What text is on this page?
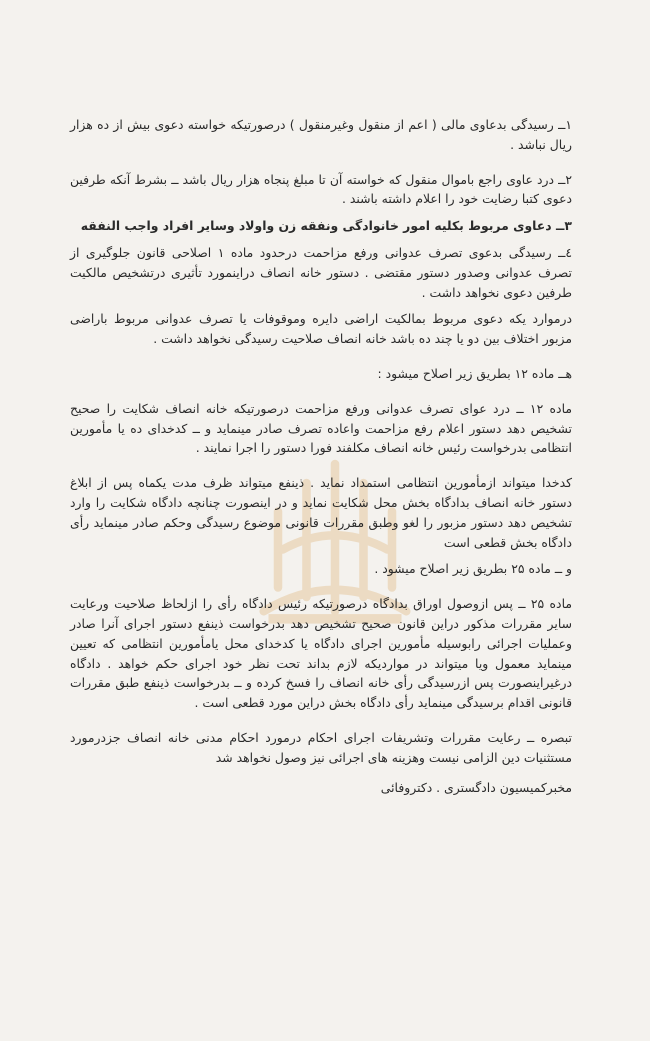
۱ــ رسیدگی بدعاوی مالی ( اعم از منقول وغیرمنقول ) درصورتیکه خواسته دعوی بیش از ده هزار ریال نباشد .

۲ــ درد عاوی راجع باموال منقول که خواسته آن تا مبلغ پنجاه هزار ریال باشد ــ بشرط آنکه طرفین دعوی کتبا رضایت خود را اعلام داشته باشند .

۳ــ دعاوی مربوط بکلیه امور خانوادگی ونفقه زن واولاد وسایر افراد واجب النفقه

٤ــ رسیدگی بدعوی تصرف عدوانی ورفع مزاحمت درحدود ماده ۱ اصلاحی قانون جلوگیری از تصرف عدوانی وصدور دستور مقتضی . دستور خانه انصاف دراینمورد تأثیری درتشخیص مالکیت طرفین دعوی نخواهد داشت .

درموارد یکه دعوی مربوط بمالکیت اراضی دایره وموقوفات یا تصرف عدوانی مربوط باراضی مزبور اختلاف بین دو یا چند ده باشد خانه انصاف صلاحیت رسیدگی نخواهد داشت .

هــ ماده ۱۲ بطریق زیر اصلاح میشود :

ماده ۱۲ ــ درد عوای تصرف عدوانی ورفع مزاحمت درصورتیکه خانه انصاف شکایت را صحیح تشخیص دهد دستور اعلام رفع مزاحمت واعاده تصرف صادر مینماید و ــ کدخدای ده یا مأمورین انتظامی بدرخواست رئیس خانه انصاف مکلفند فورا دستور را اجرا نمایند .

کدخدا میتواند ازمأمورین انتظامی استمداد نماید . ذینفع میتواند ظرف مدت یکماه پس از ابلاغ دستور خانه انصاف بدادگاه بخش محل شکایت نماید و در اینصورت چنانچه دادگاه شکایت را وارد تشخیص دهد دستور مزبور را لغو وطبق مقررات قانونی موضوع رسیدگی وحکم صادر مینماید رأی دادگاه بخش قطعی است

و ــ ماده ۲۵ بطریق زیر اصلاح میشود .

ماده ۲۵ ــ پس ازوصول اوراق بدادگاه درصورتیکه رئیس دادگاه رأی را ازلحاظ صلاحیت ورعایت سایر مقررات مذکور دراین قانون صحیح تشخیص دهد بدرخواست ذینفع دستور اجرای آنرا صادر وعملیات اجرائی رابوسیله مأمورین اجرای دادگاه یا کدخدای محل یامأمورین انتظامی که تعیین مینماید معمول ویا میتواند در مواردیکه لازم بداند تحت نظر خود اجرای حکم خواهد . دادگاه درغیراینصورت پس ازرسیدگی رأی خانه انصاف را فسخ کرده و ــ بدرخواست ذینفع طبق مقررات قانونی اقدام برسیدگی مینماید رأی دادگاه بخش دراین مورد قطعی است .

تبصره ــ رعایت مقررات وتشریفات اجرای احکام درمورد احکام مدنی خانه انصاف جزدرمورد مستثنیات دین الزامی نیست وهزینه های اجرائی نیز وصول نخواهد شد

مخبرکمیسیون دادگستری . دکتروفائی
